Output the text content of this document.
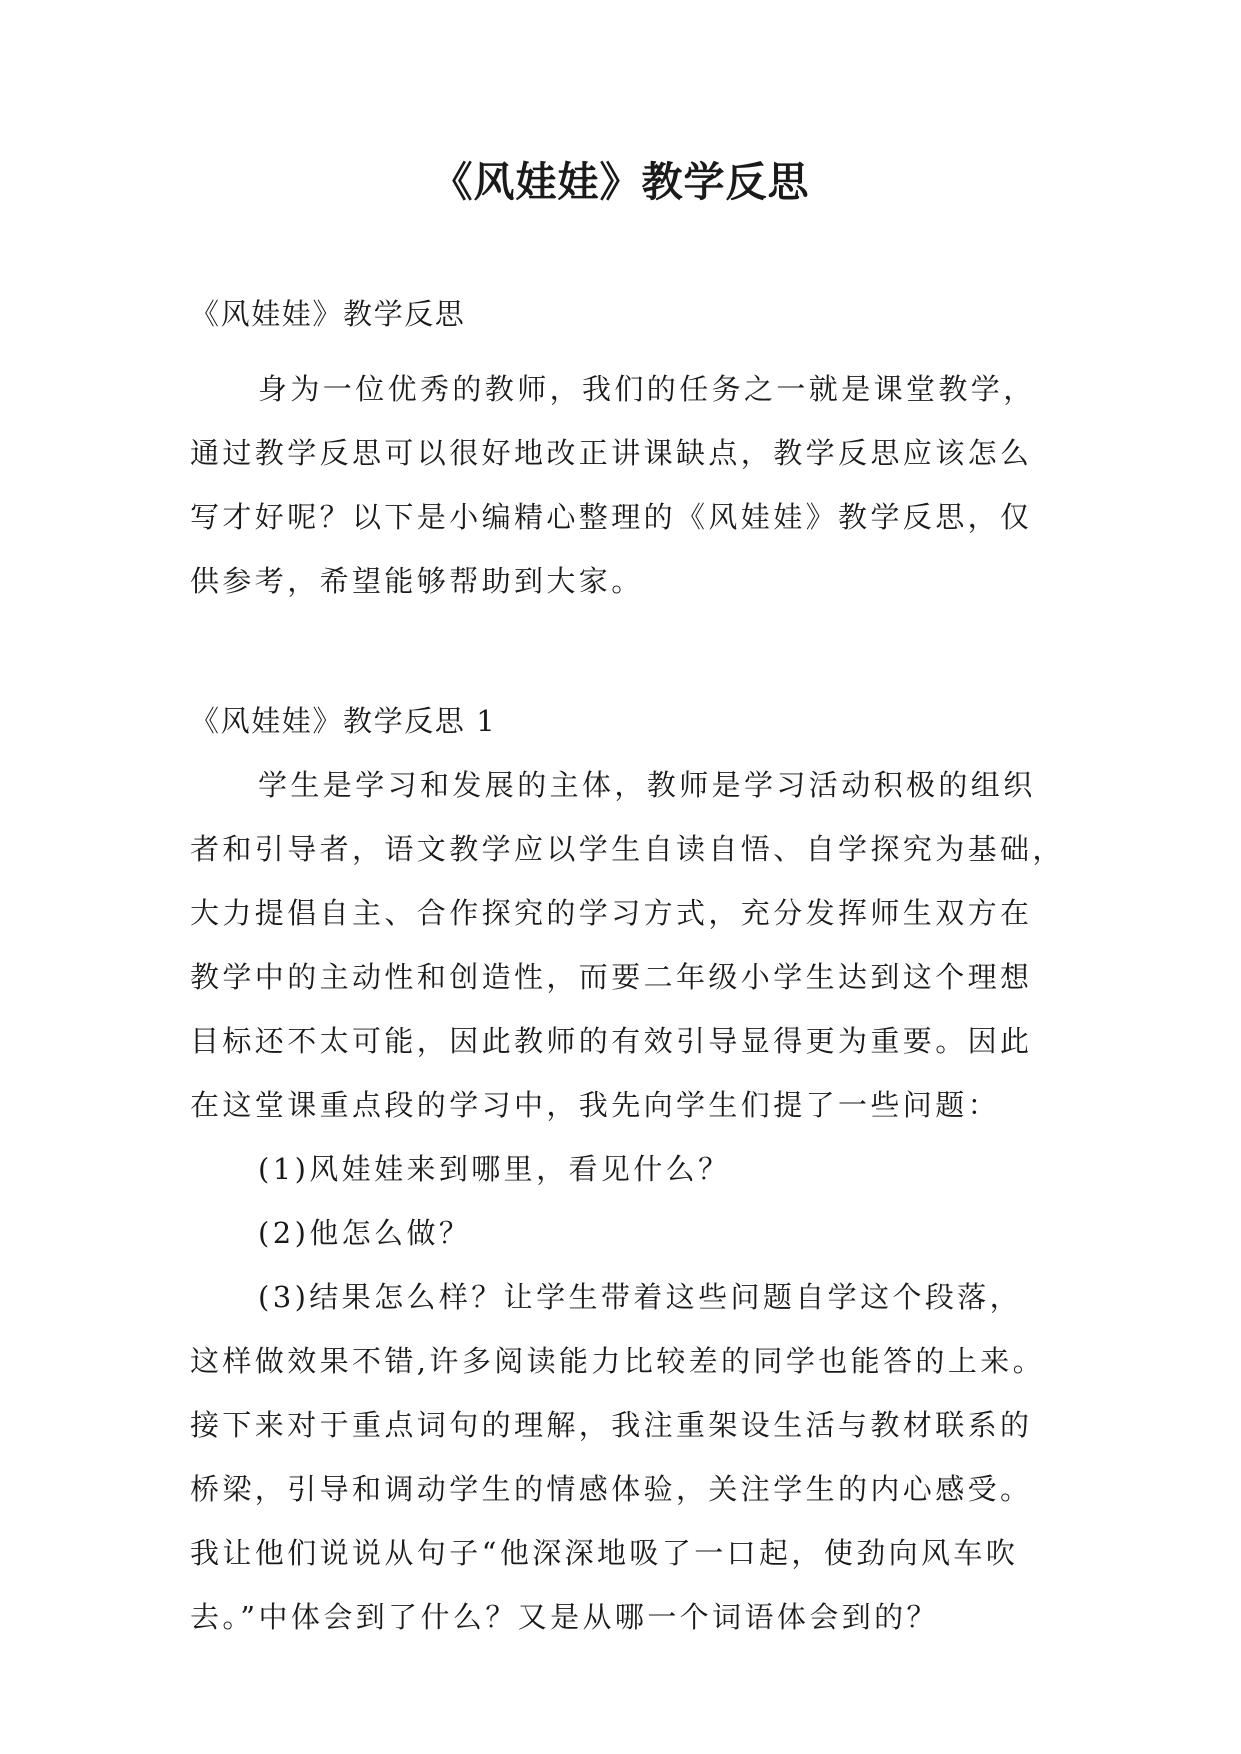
《风娃娃》教学反思
《风娃娃》教学反思
身为一位优秀的教师，我们的任务之一就是课堂教学，
通过教学反思可以很好地改正讲课缺点，教学反思应该怎么
写才好呢？以下是小编精心整理的《风娃娃》教学反思，仅
供参考，希望能够帮助到大家。
《风娃娃》教学反思 1
学生是学习和发展的主体，教师是学习活动积极的组织
者和引导者，语文教学应以学生自读自悟、自学探究为基础，
大力提倡自主、合作探究的学习方式，充分发挥师生双方在
教学中的主动性和创造性，而要二年级小学生达到这个理想
目标还不太可能，因此教师的有效引导显得更为重要。因此
在这堂课重点段的学习中，我先向学生们提了一些问题：
(1)风娃娃来到哪里，看见什么？
(2)他怎么做？
(3)结果怎么样？让学生带着这些问题自学这个段落，
这样做效果不错,许多阅读能力比较差的同学也能答的上来。
接下来对于重点词句的理解，我注重架设生活与教材联系的
桥梁，引导和调动学生的情感体验，关注学生的内心感受。
我让他们说说从句子“他深深地吸了一口起，使劲向风车吹
去。”中体会到了什么？又是从哪一个词语体会到的？
